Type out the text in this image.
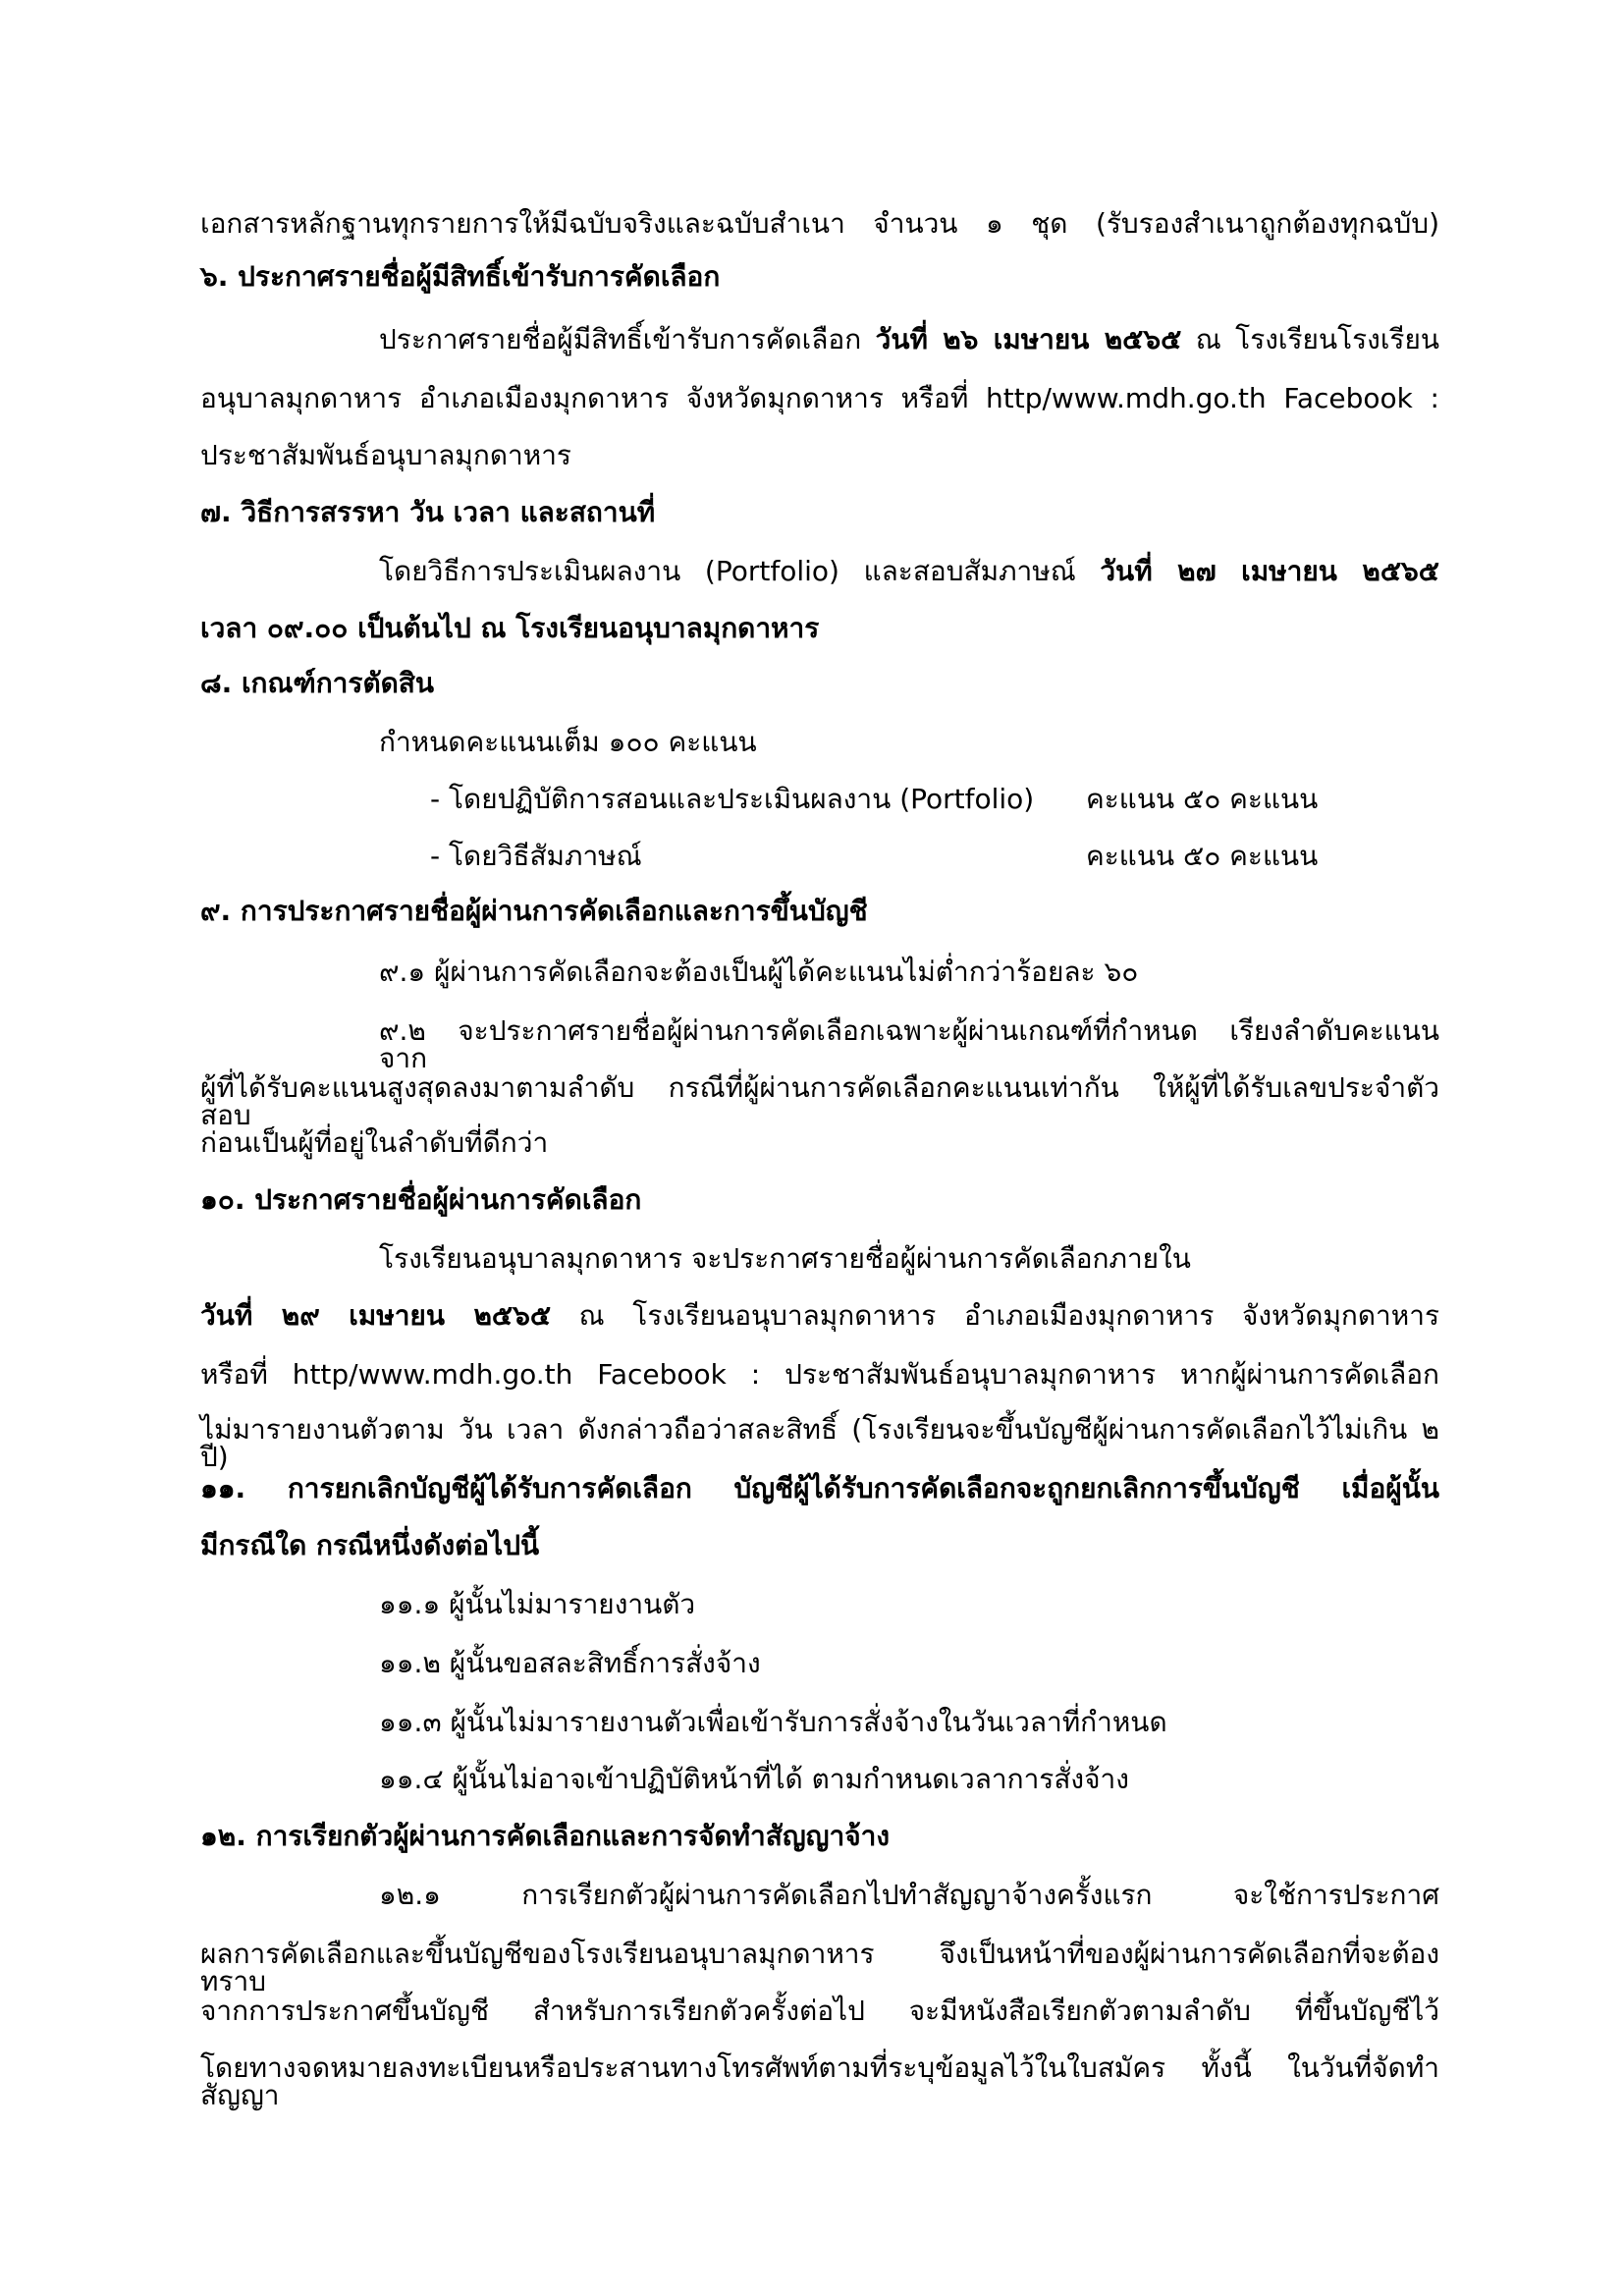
เอกสารหลักฐานทุกรายการให้มีฉบับจริงและฉบับสำเนา จำนวน ๑ ชุด (รับรองสำเนาถูกต้องทุกฉบับ)
๖. ประกาศรายชื่อผู้มีสิทธิ์เข้ารับการคัดเลือก
ประกาศรายชื่อผู้มีสิทธิ์เข้ารับการคัดเลือก วันที่ ๒๖ เมษายน ๒๕๖๕ ณ โรงเรียนโรงเรียน
อนุบาลมุกดาหาร อำเภอเมืองมุกดาหาร จังหวัดมุกดาหาร หรือที่ http/www.mdh.go.th Facebook :
ประชาสัมพันธ์อนุบาลมุกดาหาร
๗. วิธีการสรรหา วัน เวลา และสถานที่
โดยวิธีการประเมินผลงาน (Portfolio) และสอบสัมภาษณ์ วันที่ ๒๗ เมษายน ๒๕๖๕
เวลา ๐๙.๐๐ เป็นต้นไป ณ โรงเรียนอนุบาลมุกดาหาร
๘. เกณฑ์การตัดสิน
กำหนดคะแนนเต็ม ๑๐๐ คะแนน
- โดยปฏิบัติการสอนและประเมินผลงาน (Portfolio) คะแนน ๕๐ คะแนน
- โดยวิธีสัมภาษณ์	คะแนน ๕๐ คะแนน
๙. การประกาศรายชื่อผู้ผ่านการคัดเลือกและการขึ้นบัญชี
๙.๑ ผู้ผ่านการคัดเลือกจะต้องเป็นผู้ได้คะแนนไม่ต่ำกว่าร้อยละ ๖๐
๙.๒ จะประกาศรายชื่อผู้ผ่านการคัดเลือกเฉพาะผู้ผ่านเกณฑ์ที่กำหนด เรียงลำดับคะแนนจาก
ผู้ที่ได้รับคะแนนสูงสุดลงมาตามลำดับ กรณีที่ผู้ผ่านการคัดเลือกคะแนนเท่ากัน ให้ผู้ที่ได้รับเลขประจำตัวสอบ
ก่อนเป็นผู้ที่อยู่ในลำดับที่ดีกว่า
๑๐. ประกาศรายชื่อผู้ผ่านการคัดเลือก
โรงเรียนอนุบาลมุกดาหาร จะประกาศรายชื่อผู้ผ่านการคัดเลือกภายใน
วันที่ ๒๙ เมษายน ๒๕๖๕ ณ โรงเรียนอนุบาลมุกดาหาร อำเภอเมืองมุกดาหาร จังหวัดมุกดาหาร
หรือที่ http/www.mdh.go.th Facebook : ประชาสัมพันธ์อนุบาลมุกดาหาร หากผู้ผ่านการคัดเลือก
ไม่มารายงานตัวตาม วัน เวลา ดังกล่าวถือว่าสละสิทธิ์ (โรงเรียนจะขึ้นบัญชีผู้ผ่านการคัดเลือกไว้ไม่เกิน ๒ ปี)
๑๑. การยกเลิกบัญชีผู้ได้รับการคัดเลือก บัญชีผู้ได้รับการคัดเลือกจะถูกยกเลิกการขึ้นบัญชี เมื่อผู้นั้น
มีกรณีใด กรณีหนึ่งดังต่อไปนี้
๑๑.๑ ผู้นั้นไม่มารายงานตัว
๑๑.๒ ผู้นั้นขอสละสิทธิ์การสั่งจ้าง
๑๑.๓ ผู้นั้นไม่มารายงานตัวเพื่อเข้ารับการสั่งจ้างในวันเวลาที่กำหนด
๑๑.๔ ผู้นั้นไม่อาจเข้าปฏิบัติหน้าที่ได้ ตามกำหนดเวลาการสั่งจ้าง
๑๒. การเรียกตัวผู้ผ่านการคัดเลือกและการจัดทำสัญญาจ้าง
๑๒.๑ การเรียกตัวผู้ผ่านการคัดเลือกไปทำสัญญาจ้างครั้งแรก จะใช้การประกาศ
ผลการคัดเลือกและขึ้นบัญชีของโรงเรียนอนุบาลมุกดาหาร จึงเป็นหน้าที่ของผู้ผ่านการคัดเลือกที่จะต้องทราบ
จากการประกาศขึ้นบัญชี สำหรับการเรียกตัวครั้งต่อไป จะมีหนังสือเรียกตัวตามลำดับ ที่ขึ้นบัญชีไว้
โดยทางจดหมายลงทะเบียนหรือประสานทางโทรศัพท์ตามที่ระบุข้อมูลไว้ในใบสมัคร ทั้งนี้ ในวันที่จัดทำสัญญา
